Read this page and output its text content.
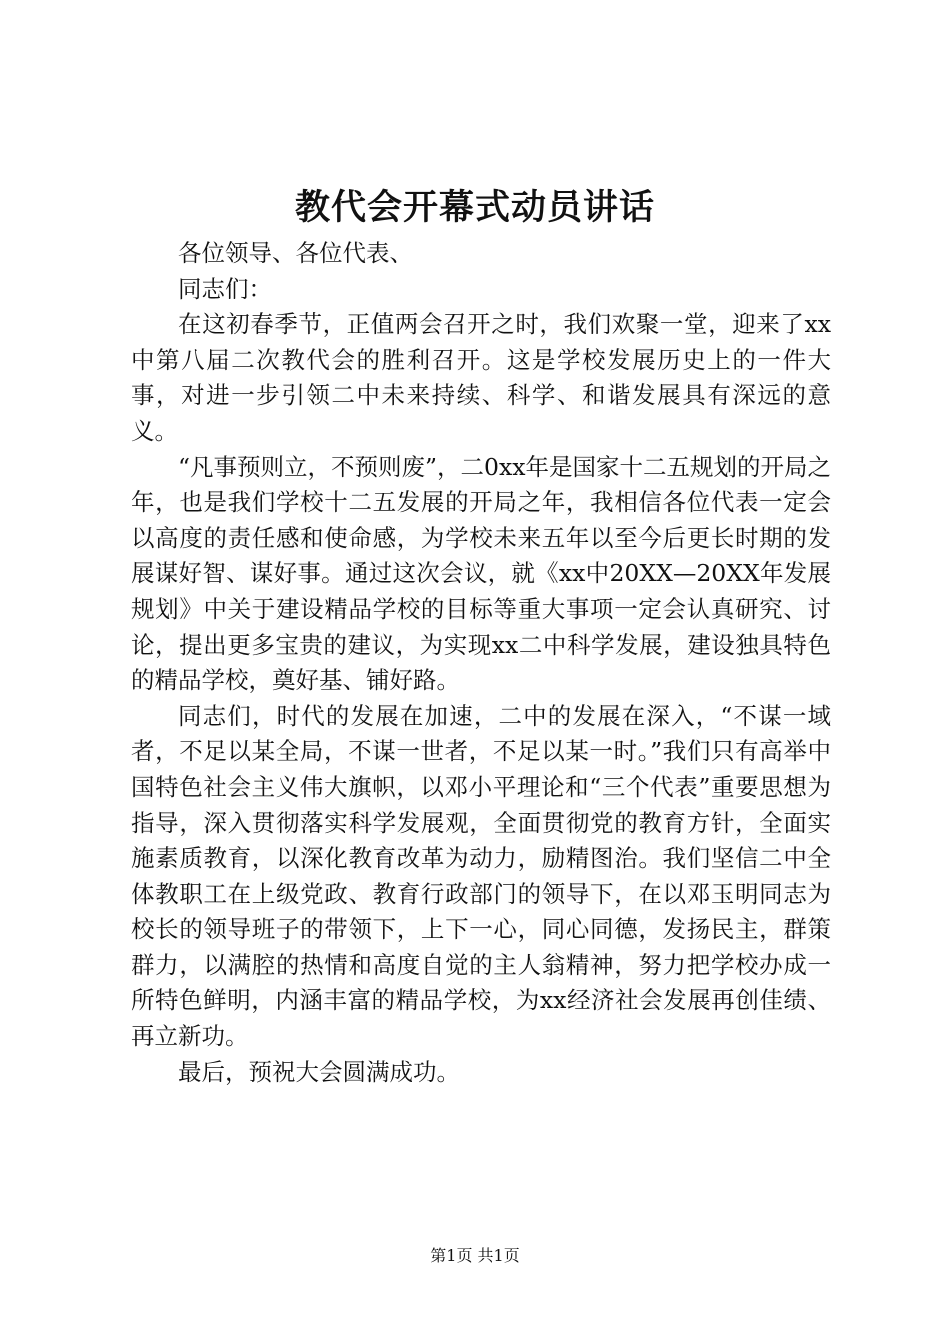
教代会开幕式动员讲话

各位领导、各位代表、

同志们：

在这初春季节，正值两会召开之时，我们欢聚一堂，迎来了xx中第八届二次教代会的胜利召开。这是学校发展历史上的一件大事，对进一步引领二中未来持续、科学、和谐发展具有深远的意义。

“凡事预则立，不预则废”，二0xx年是国家十二五规划的开局之年，也是我们学校十二五发展的开局之年，我相信各位代表一定会以高度的责任感和使命感，为学校未来五年以至今后更长时期的发展谋好智、谋好事。通过这次会议，就《xx中20XX—20XX年发展规划》中关于建设精品学校的目标等重大事项一定会认真研究、讨论，提出更多宝贵的建议，为实现xx二中科学发展，建设独具特色的精品学校，奠好基、铺好路。

同志们，时代的发展在加速，二中的发展在深入，“不谋一域者，不足以某全局，不谋一世者，不足以某一时。”我们只有高举中国特色社会主义伟大旗帜，以邓小平理论和“三个代表”重要思想为指导，深入贯彻落实科学发展观，全面贯彻党的教育方针，全面实施素质教育，以深化教育改革为动力，励精图治。我们坚信二中全体教职工在上级党政、教育行政部门的领导下，在以邓玉明同志为校长的领导班子的带领下，上下一心，同心同德，发扬民主，群策群力，以满腔的热情和高度自觉的主人翁精神，努力把学校办成一所特色鲜明，内涵丰富的精品学校，为xx经济社会发展再创佳绩、再立新功。

最后，预祝大会圆满成功。

第1页 共1页
